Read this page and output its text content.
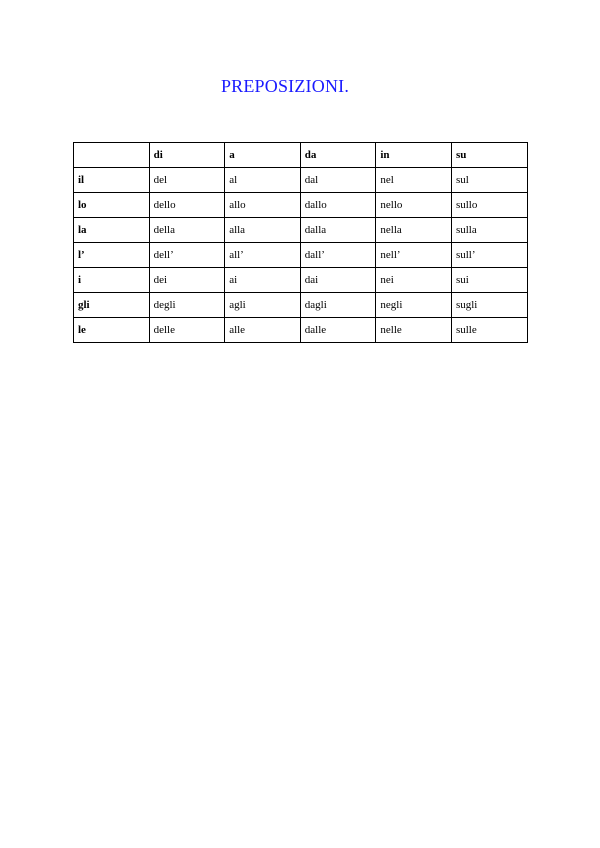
PREPOSIZIONI.
	di	a	da	in	su
il	del	al	dal	nel	sul
lo	dello	allo	dallo	nello	sullo
la	della	alla	dalla	nella	sulla
l’	dell’	all’	dall’	nell’	sull’
i	dei	ai	dai	nei	sui
gli	degli	agli	dagli	negli	sugli
le	delle	alle	dalle	nelle	sulle
